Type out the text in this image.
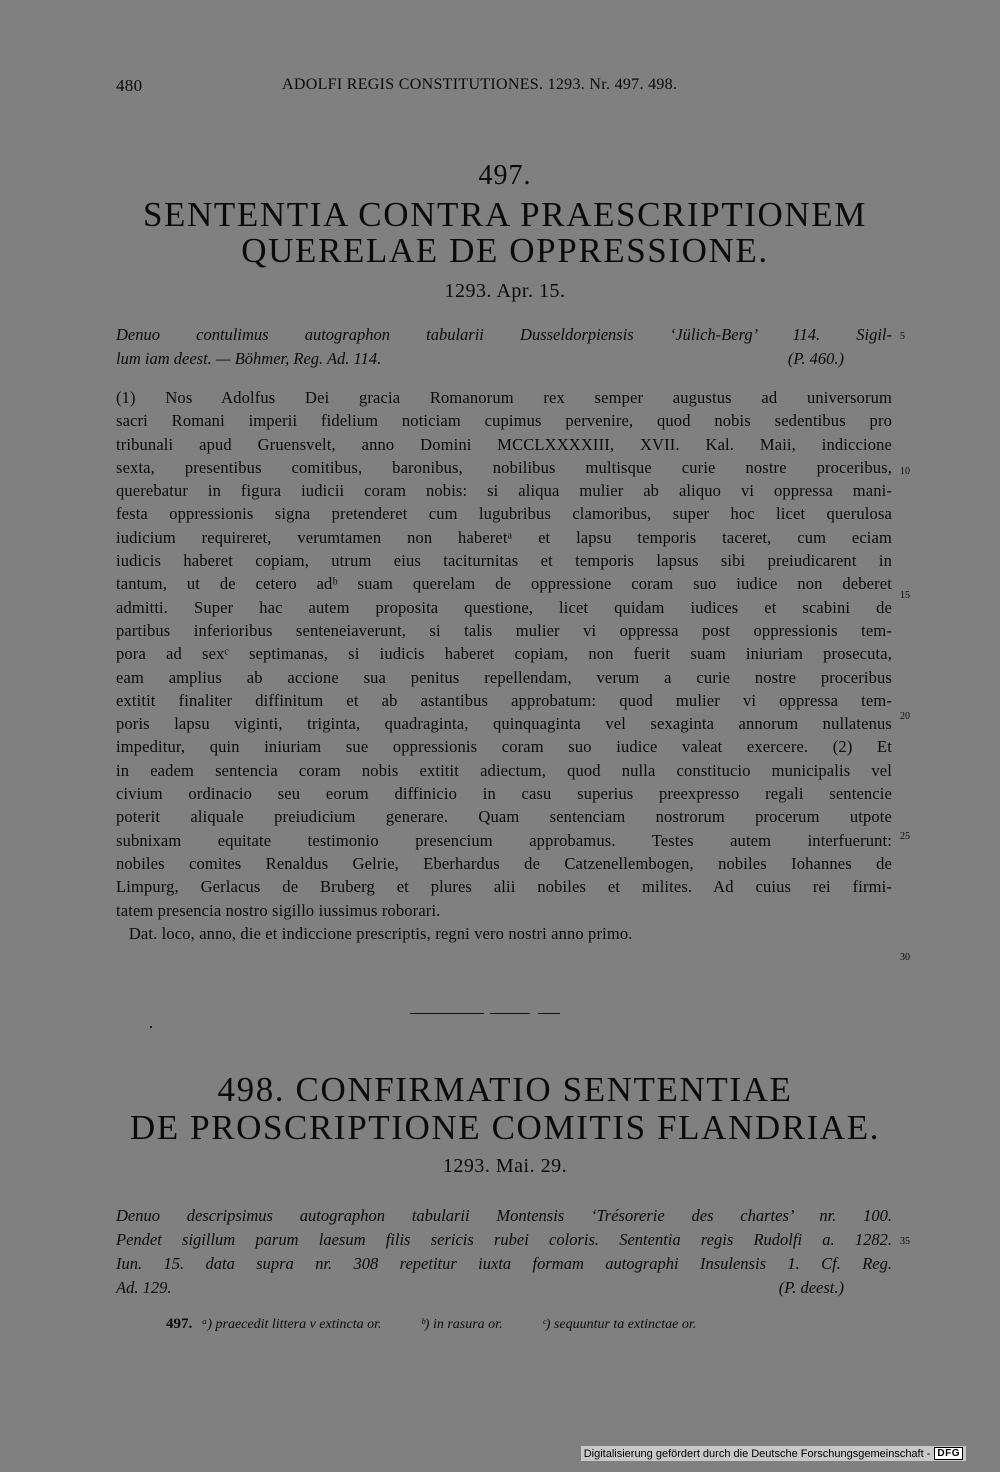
480	ADOLFI REGIS CONSTITUTIONES. 1293. Nr. 497. 498.
497.
SENTENTIA CONTRA PRAESCRIPTIONEM
QUERELAE DE OPPRESSIONE.
1293. Apr. 15.
Denuo contulimus autographon tabularii Dusseldorpiensis ‘Jülich-Berg’ 114. Sigil-
lum iam deest. — Böhmer, Reg. Ad. 114.	(P. 460.)
(1) Nos Adolfus Dei gracia Romanorum rex semper augustus ad universorum
sacri Romani imperii fidelium noticiam cupimus pervenire, quod nobis sedentibus pro
tribunali apud Gruensvelt, anno Domini MCCLXXXXIII, XVII. Kal. Maii, indiccione
sexta, presentibus comitibus, baronibus, nobilibus multisque curie nostre proceribus,
querebatur in figura iudicii coram nobis: si aliqua mulier ab aliquo vi oppressa mani-
festa oppressionis signa pretenderet cum lugubribus clamoribus, super hoc licet querulosa
iudicium requireret, verumtamen non haberetᵃ et lapsu temporis taceret, cum eciam
iudicis haberet copiam, utrum eius taciturnitas et temporis lapsus sibi preiudicarent in
tantum, ut de cetero adᵇ suam querelam de oppressione coram suo iudice non deberet
admitti. Super hac autem proposita questione, licet quidam iudices et scabini de
partibus inferioribus senteneiaverunt, si talis mulier vi oppressa post oppressionis tem-
pora ad sexᶜ septimanas, si iudicis haberet copiam, non fuerit suam iniuriam prosecuta,
eam amplius ab accione sua penitus repellendam, verum a curie nostre proceribus
extitit finaliter diffinitum et ab astantibus approbatum: quod mulier vi oppressa tem-
poris lapsu viginti, triginta, quadraginta, quinquaginta vel sexaginta annorum nullatenus
impeditur, quin iniuriam sue oppressionis coram suo iudice valeat exercere. (2) Et
in eadem sentencia coram nobis extitit adiectum, quod nulla constitucio municipalis vel
civium ordinacio seu eorum diffinicio in casu superius preexpresso regali sentencie
poterit aliquale preiudicium generare. Quam sentenciam nostrorum procerum utpote
subnixam equitate testimonio presencium approbamus. Testes autem interfuerunt:
nobiles comites Renaldus Gelrie, Eberhardus de Catzenellembogen, nobiles Iohannes de
Limpurg, Gerlacus de Bruberg et plures alii nobiles et milites. Ad cuius rei firmi-
tatem presencia nostro sigillo iussimus roborari.
Dat. loco, anno, die et indiccione prescriptis, regni vero nostri anno primo.
5
10
15
20
25
30
35
498. CONFIRMATIO SENTENTIAE
DE PROSCRIPTIONE COMITIS FLANDRIAE.
1293. Mai. 29.
Denuo descripsimus autographon tabularii Montensis ‘Trésorerie des chartes’ nr. 100.
Pendet sigillum parum laesum filis sericis rubei coloris. Sententia regis Rudolfi a. 1282.
Iun. 15. data supra nr. 308 repetitur iuxta formam autographi Insulensis 1. Cf. Reg.
Ad. 129.	(P. deest.)
497. ᵃ) praecedit littera v extincta or.	ᵇ) in rasura or.	ᶜ) sequuntur ta extinctae or.
Digitalisierung gefördert durch die Deutsche Forschungsgemeinschaft - DFG
